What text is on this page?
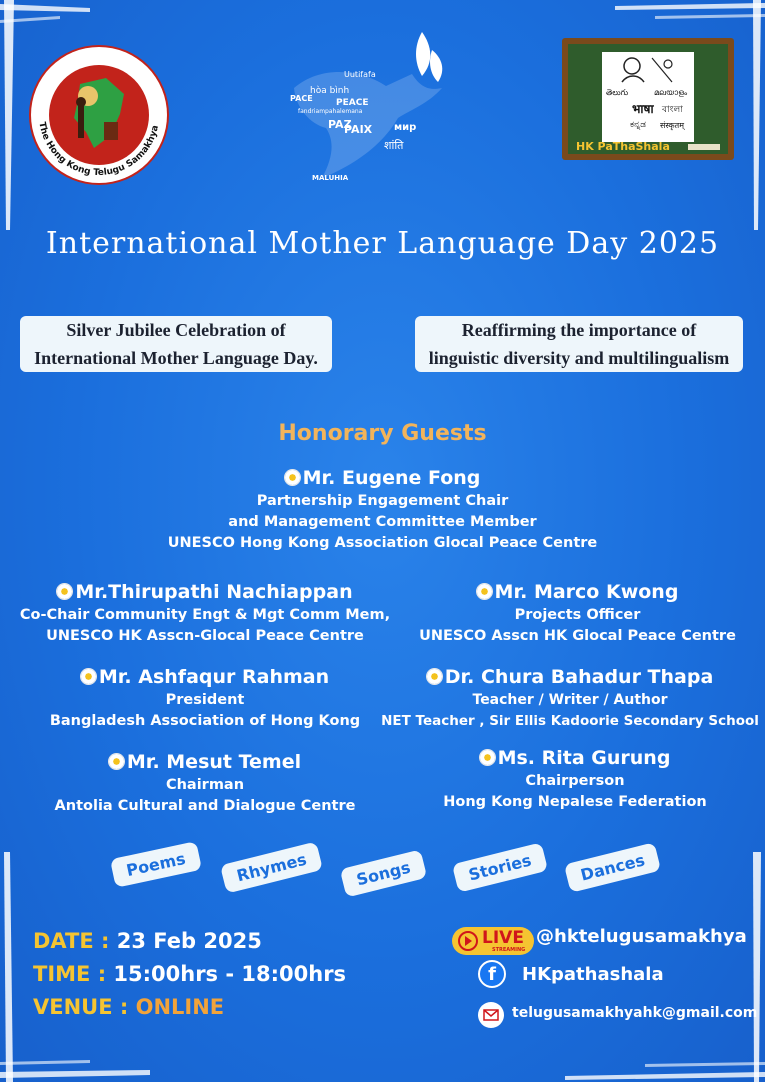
The Hong Kong Telugu Samakhya
Uutifafa
PACE	PEACE
hòa bình
PAZ
PAIX мир
शांति
MALUHIA
fandriampahalemana
తెలుగు	മലയാളം
भाषा বাংলা
ಕನ್ನಡ संस्कृतम्
HK PaThaShala
International Mother Language Day 2025
Silver Jubilee Celebration of
International Mother Language Day.
Reaffirming the importance of
linguistic diversity and multilingualism
Honorary Guests
Mr. Eugene Fong
Partnership Engagement Chair
and Management Committee Member
UNESCO Hong Kong Association Glocal Peace Centre
Mr.Thirupathi Nachiappan
Co-Chair Community Engt & Mgt Comm Mem,
UNESCO HK Asscn-Glocal Peace Centre
Mr. Ashfaqur Rahman
President
Bangladesh Association of Hong Kong
Mr. Mesut Temel
Chairman
Antolia Cultural and Dialogue Centre
Mr. Marco Kwong
Projects Officer
UNESCO Asscn HK Glocal Peace Centre
Dr. Chura Bahadur Thapa
Teacher / Writer / Author
NET Teacher , Sir Ellis Kadoorie Secondary School
Ms. Rita Gurung
Chairperson
Hong Kong Nepalese Federation
Poems	Rhymes	Songs	Stories	Dances
DATE : 23 Feb 2025
TIME : 15:00hrs - 18:00hrs
VENUE : ONLINE
LIVE
STREAMING
@hktelugusamakhya
f	HKpathashala
telugusamakhyahk@gmail.com
